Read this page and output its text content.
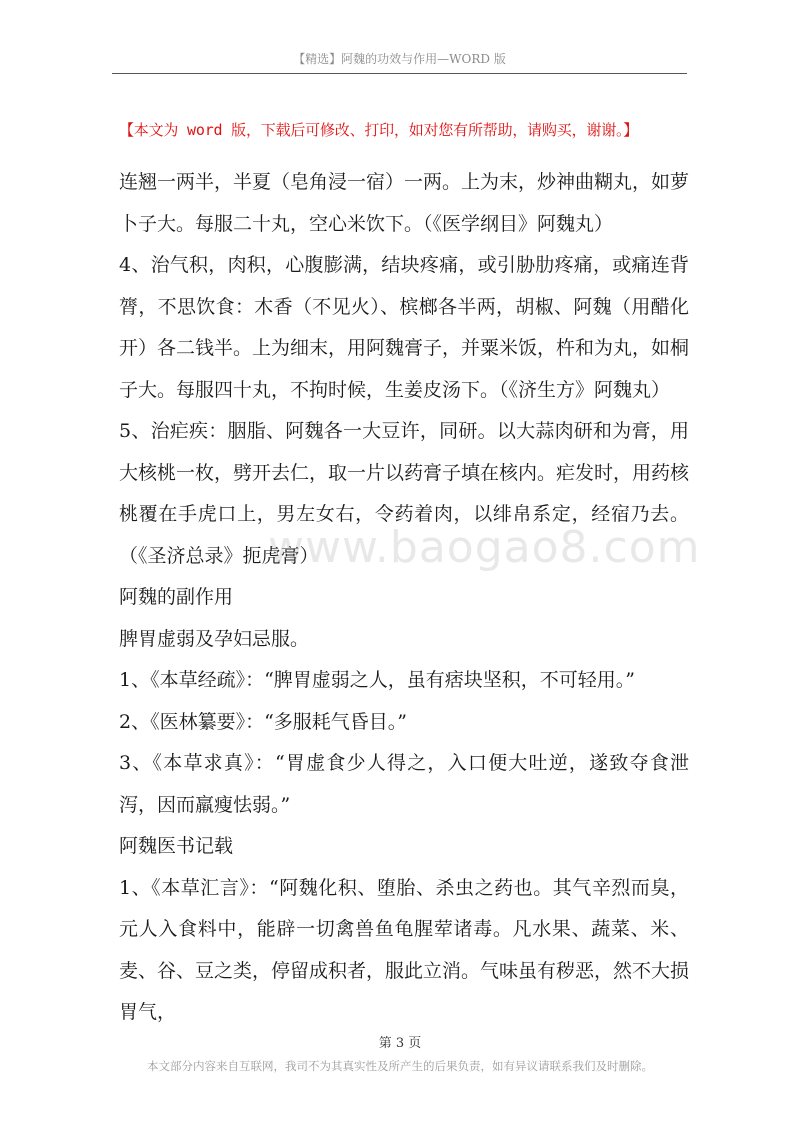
【精选】阿魏的功效与作用—WORD 版
【本文为 word 版，下载后可修改、打印，如对您有所帮助，请购买，谢谢。】

连翘一两半，半夏（皂角浸一宿）一两。上为末，炒神曲糊丸，如萝卜子大。每服二十丸，空心米饮下。（《医学纲目》阿魏丸）

4、治气积，肉积，心腹膨满，结块疼痛，或引胁肋疼痛，或痛连背膂，不思饮食：木香（不见火）、槟榔各半两，胡椒、阿魏（用醋化开）各二钱半。上为细末，用阿魏膏子，并粟米饭，杵和为丸，如桐子大。每服四十丸，不拘时候，生姜皮汤下。（《济生方》阿魏丸）

5、治疟疾：胭脂、阿魏各一大豆许，同研。以大蒜肉研和为膏，用大核桃一枚，劈开去仁，取一片以药膏子填在核内。疟发时，用药核桃覆在手虎口上，男左女右，令药着肉，以绯帛系定，经宿乃去。（《圣济总录》扼虎膏）

阿魏的副作用

脾胃虚弱及孕妇忌服。

1、《本草经疏》：“脾胃虚弱之人，虽有痞块坚积，不可轻用。”

2、《医林纂要》：“多服耗气昏目。”

3、《本草求真》：“胃虚食少人得之，入口便大吐逆，遂致夺食泄泻，因而羸瘦怯弱。”

阿魏医书记载

1、《本草汇言》：“阿魏化积、堕胎、杀虫之药也。其气辛烈而臭，元人入食料中，能辟一切禽兽鱼龟腥荤诸毒。凡水果、蔬菜、米、麦、谷、豆之类，停留成积者，服此立消。气味虽有秽恶，然不大损胃气，

www.baogao8.com
第 3 页
本文部分内容来自互联网，我司不为其真实性及所产生的后果负责，如有异议请联系我们及时删除。
